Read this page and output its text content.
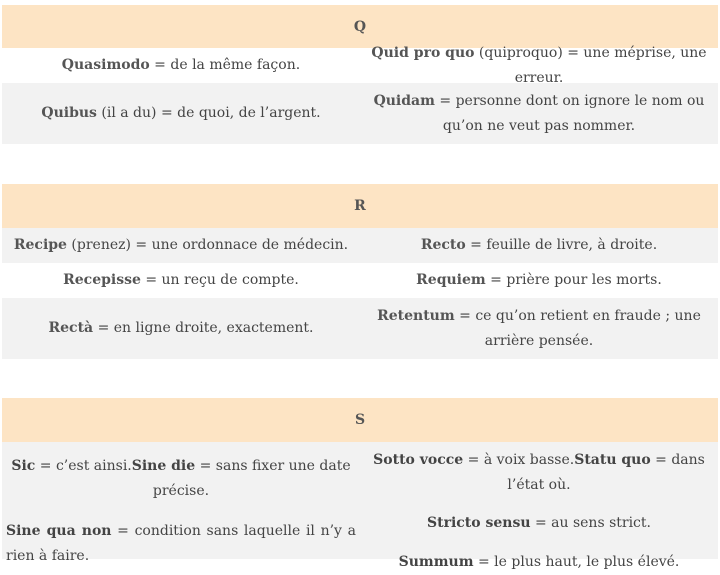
Q
Quasimodo = de la même façon.
Quid pro quo (quiproquo) = une méprise, une erreur.
Quibus (il a du) = de quoi, de l’argent.
Quidam = personne dont on ignore le nom ou qu’on ne veut pas nommer.
R
Recipe (prenez) = une ordonnace de médecin.	Recto = feuille de livre, à droite.
Recepisse = un reçu de compte.	Requiem = prière pour les morts.
Rectà = en ligne droite, exactement.
Retentum = ce qu’on retient en fraude ; une arrière pensée.
S
Sic = c’est ainsi.Sine die = sans fixer une date précise.
Sine qua non = condition sans laquelle il n’y a rien à faire.
Sotto vocce = à voix basse.Statu quo = dans l’état où.
Stricto sensu = au sens strict.
Summum = le plus haut, le plus élevé.
